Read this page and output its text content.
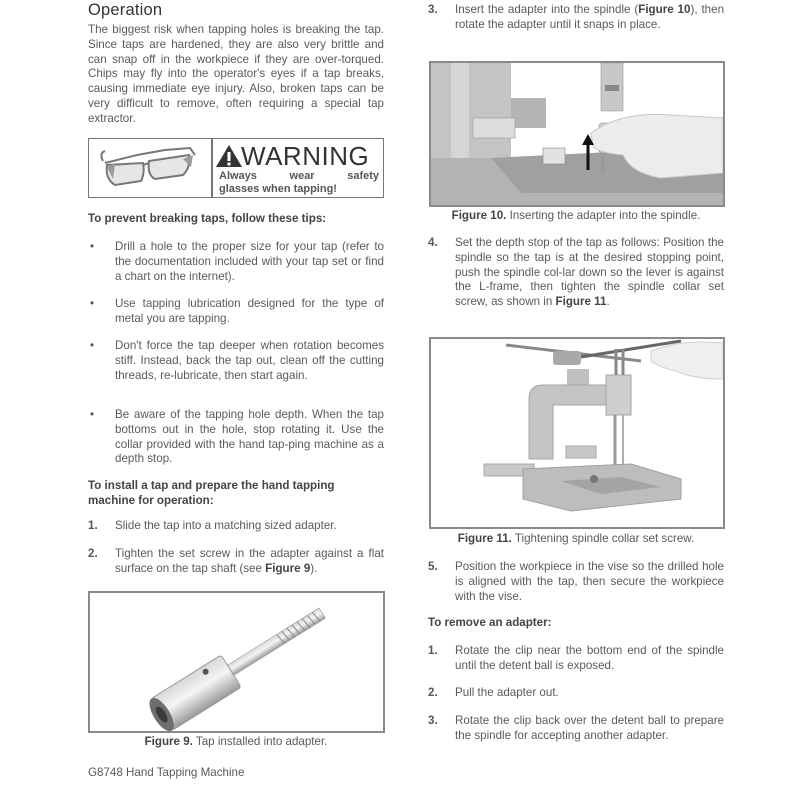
Operation

The biggest risk when tapping holes is breaking the tap. Since taps are hardened, they are also very brittle and can snap off in the workpiece if they are over-torqued. Chips may fly into the operator's eyes if a tap breaks, causing immediate eye injury. Also, broken taps can be very difficult to remove, often requiring a special tap extractor.

WARNING
Always wear safety
glasses when tapping!

To prevent breaking taps, follow these tips:

• Drill a hole to the proper size for your tap (refer to the documentation included with your tap set or find a chart on the internet).
• Use tapping lubrication designed for the type of metal you are tapping.
• Don't force the tap deeper when rotation becomes stiff. Instead, back the tap out, clean off the cutting threads, re-lubricate, then start again.
• Be aware of the tapping hole depth. When the tap bottoms out in the hole, stop rotating it. Use the collar provided with the hand tap-ping machine as a depth stop.

To install a tap and prepare the hand tapping machine for operation:

1. Slide the tap into a matching sized adapter.
2. Tighten the set screw in the adapter against a flat surface on the tap shaft (see Figure 9).
Figure 9. Tap installed into adapter.
G8748 Hand Tapping Machine
3. Insert the adapter into the spindle (Figure 10), then rotate the adapter until it snaps in place.
Figure 10. Inserting the adapter into the spindle.
4. Set the depth stop of the tap as follows: Position the spindle so the tap is at the desired stopping point, push the spindle col-lar down so the lever is against the L-frame, then tighten the spindle collar set screw, as shown in Figure 11.
Figure 11. Tightening spindle collar set screw.
5. Position the workpiece in the vise so the drilled hole is aligned with the tap, then secure the workpiece with the vise.

To remove an adapter:

1. Rotate the clip near the bottom end of the spindle until the detent ball is exposed.
2. Pull the adapter out.
3. Rotate the clip back over the detent ball to prepare the spindle for accepting another adapter.
